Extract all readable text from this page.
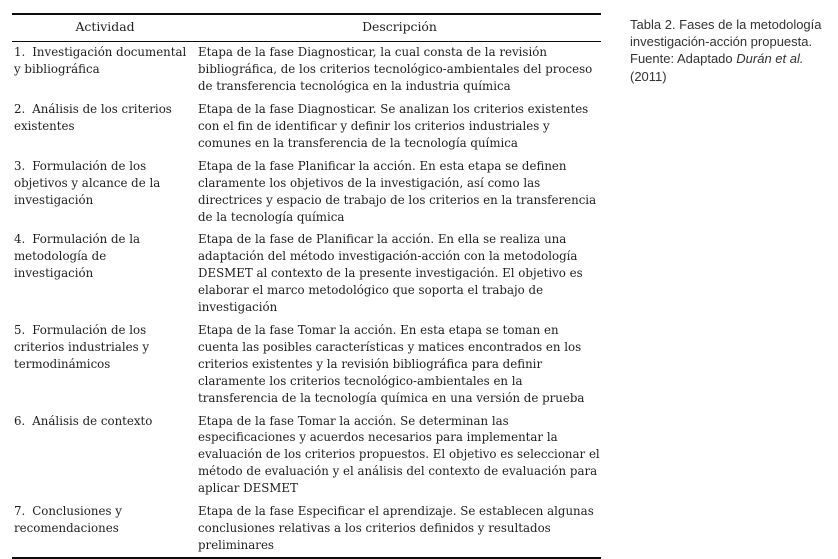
Actividad	Descripción
1. Investigación documental y bibliográfica	Etapa de la fase Diagnosticar, la cual consta de la revisión bibliográfica, de los criterios tecnológico-ambientales del proceso de transferencia tecnológica en la industria química
2. Análisis de los criterios existentes	Etapa de la fase Diagnosticar. Se analizan los criterios existentes con el fin de identificar y definir los criterios industriales y comunes en la transferencia de la tecnología química
3. Formulación de los objetivos y alcance de la investigación	Etapa de la fase Planificar la acción. En esta etapa se definen claramente los objetivos de la investigación, así como las directrices y espacio de trabajo de los criterios en la transferencia de la tecnología química
4. Formulación de la metodología de investigación	Etapa de la fase de Planificar la acción. En ella se realiza una adaptación del método investigación-acción con la metodología DESMET al contexto de la presente investigación. El objetivo es elaborar el marco metodológico que soporta el trabajo de investigación
5. Formulación de los criterios industriales y termodinámicos	Etapa de la fase Tomar la acción. En esta etapa se toman en cuenta las posibles características y matices encontrados en los criterios existentes y la revisión bibliográfica para definir claramente los criterios tecnológico-ambientales en la transferencia de la tecnología química en una versión de prueba
6. Análisis de contexto	Etapa de la fase Tomar la acción. Se determinan las especificaciones y acuerdos necesarios para implementar la evaluación de los criterios propuestos. El objetivo es seleccionar el método de evaluación y el análisis del contexto de evaluación para aplicar DESMET
7. Conclusiones y recomendaciones	Etapa de la fase Especificar el aprendizaje. Se establecen algunas conclusiones relativas a los criterios definidos y resultados preliminares
Tabla 2. Fases de la metodología investigación-acción propuesta. Fuente: Adaptado Durán et al. (2011)
